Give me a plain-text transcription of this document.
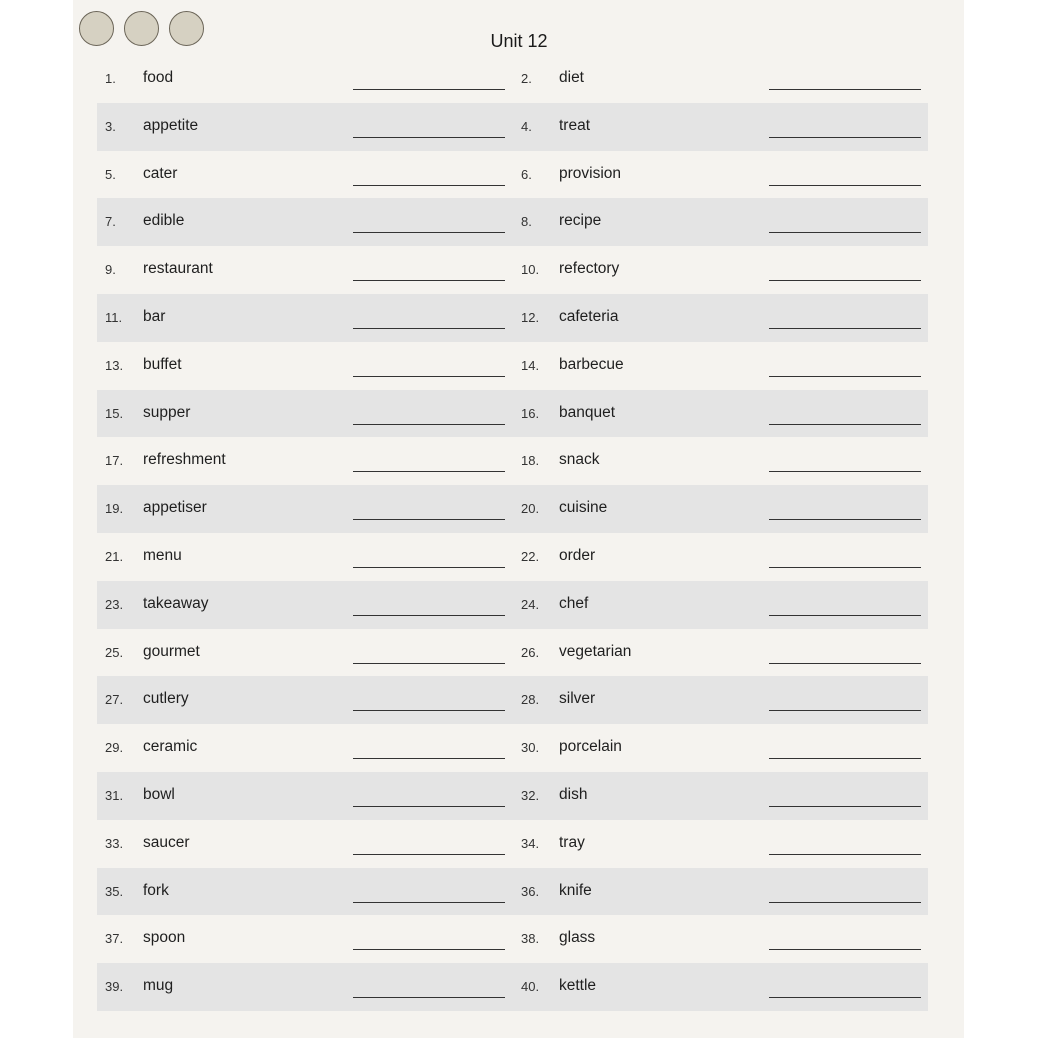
Unit 12
1. food	2. diet
3. appetite	4. treat
5. cater	6. provision
7. edible	8. recipe
9. restaurant	10. refectory
11. bar	12. cafeteria
13. buffet	14. barbecue
15. supper	16. banquet
17. refreshment	18. snack
19. appetiser	20. cuisine
21. menu	22. order
23. takeaway	24. chef
25. gourmet	26. vegetarian
27. cutlery	28. silver
29. ceramic	30. porcelain
31. bowl	32. dish
33. saucer	34. tray
35. fork	36. knife
37. spoon	38. glass
39. mug	40. kettle
